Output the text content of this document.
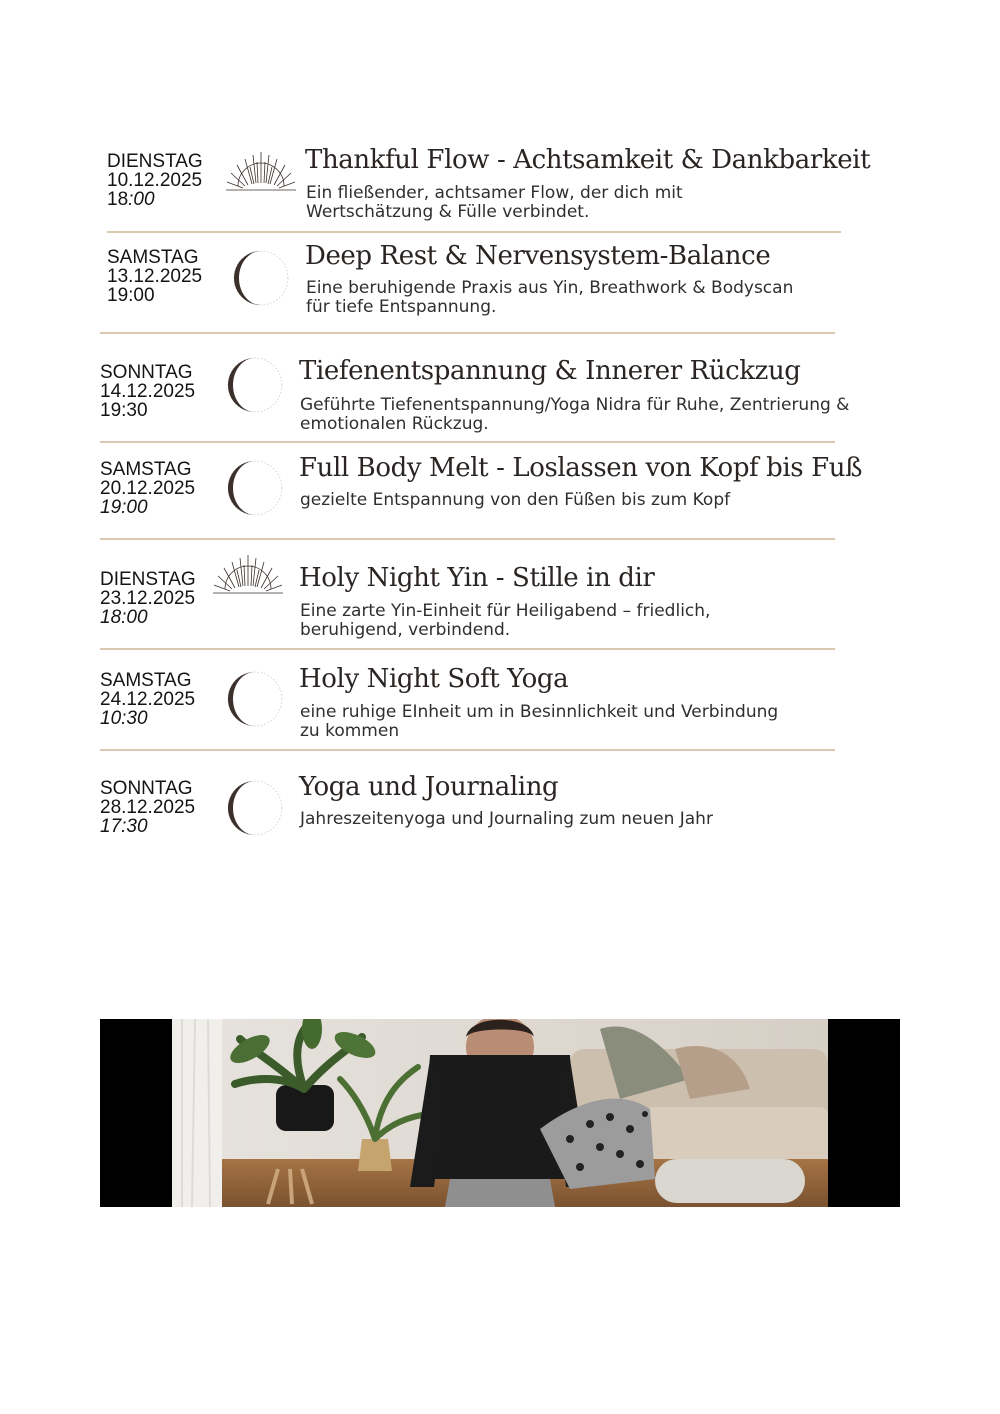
DIENSTAG
10.12.2025
18:00
Thankful Flow - Achtsamkeit & Dankbarkeit
Ein fließender, achtsamer Flow, der dich mit
Wertschätzung & Fülle verbindet.
SAMSTAG
13.12.2025
19:00
Deep Rest & Nervensystem-Balance
Eine beruhigende Praxis aus Yin, Breathwork & Bodyscan
für tiefe Entspannung.
SONNTAG
14.12.2025
19:30
Tiefenentspannung & Innerer Rückzug
Geführte Tiefenentspannung/Yoga Nidra für Ruhe, Zentrierung &
emotionalen Rückzug.
SAMSTAG
20.12.2025
19:00
Full Body Melt - Loslassen von Kopf bis Fuß
gezielte Entspannung von den Füßen bis zum Kopf
DIENSTAG
23.12.2025
18:00
Holy Night Yin - Stille in dir
Eine zarte Yin-Einheit für Heiligabend – friedlich,
beruhigend, verbindend.
SAMSTAG
24.12.2025
10:30
Holy Night Soft Yoga
eine ruhige EInheit um in Besinnlichkeit und Verbindung
zu kommen
SONNTAG
28.12.2025
17:30
Yoga und Journaling
Jahreszeitenyoga und Journaling zum neuen Jahr
